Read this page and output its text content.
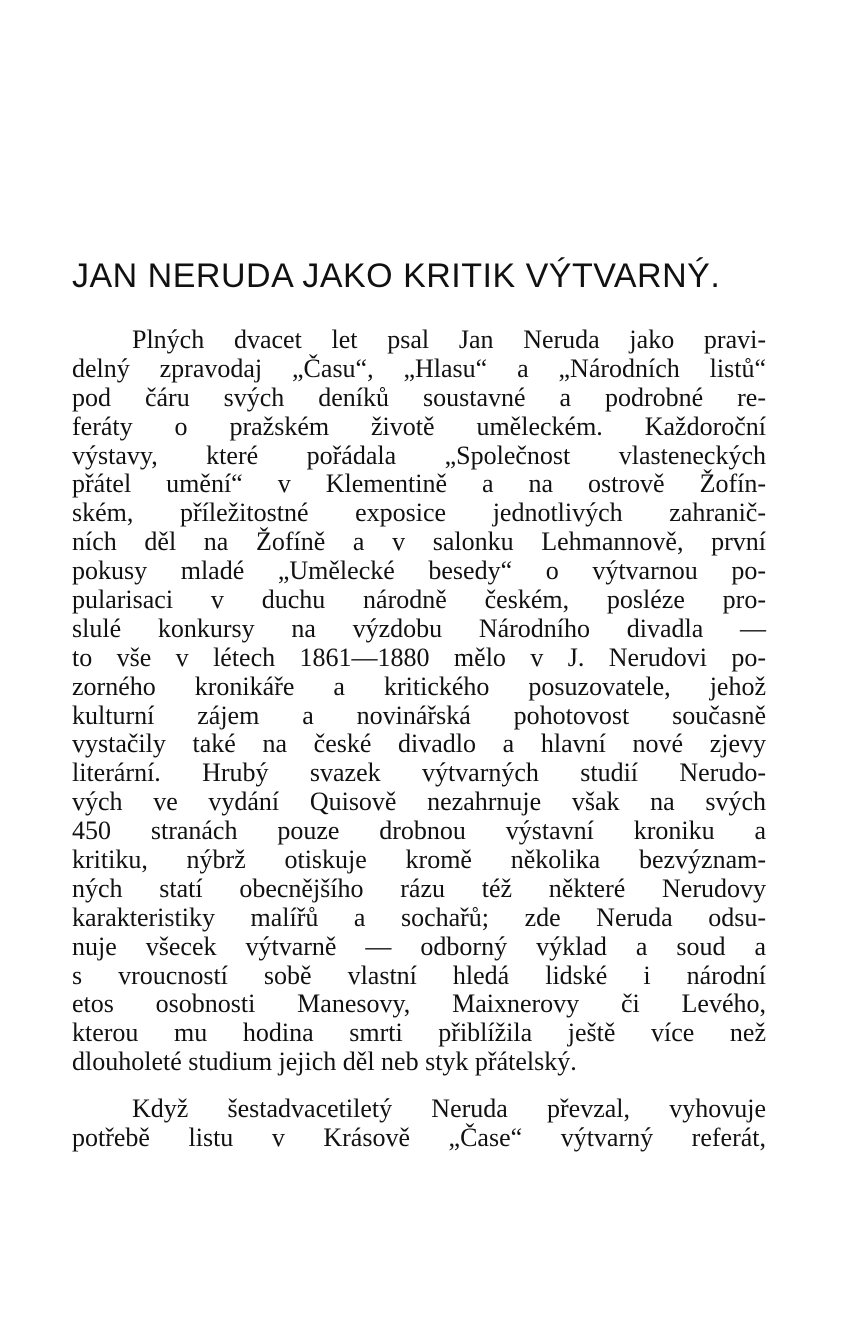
JAN NERUDA JAKO KRITIK VÝTVARNÝ.
Plných dvacet let psal Jan Neruda jako pravi-
delný zpravodaj „Času“, „Hlasu“ a „Národních listů“
pod čáru svých deníků soustavné a podrobné re-
feráty o pražském životě uměleckém. Každoroční
výstavy, které pořádala „Společnost vlasteneckých
přátel umění“ v Klementině a na ostrově Žofín-
ském, příležitostné exposice jednotlivých zahranič-
ních děl na Žofíně a v salonku Lehmannově, první
pokusy mladé „Umělecké besedy“ o výtvarnou po-
pularisaci v duchu národně českém, posléze pro-
slulé konkursy na výzdobu Národního divadla —
to vše v létech 1861—1880 mělo v J. Nerudovi po-
zorného kronikáře a kritického posuzovatele, jehož
kulturní zájem a novinářská pohotovost současně
vystačily také na české divadlo a hlavní nové zjevy
literární. Hrubý svazek výtvarných studií Nerudo-
vých ve vydání Quisově nezahrnuje však na svých
450 stranách pouze drobnou výstavní kroniku a
kritiku, nýbrž otiskuje kromě několika bezvýznam-
ných statí obecnějšího rázu též některé Nerudovy
karakteristiky malířů a sochařů; zde Neruda odsu-
nuje všecek výtvarně — odborný výklad a soud a
s vroucností sobě vlastní hledá lidské i národní
etos osobnosti Manesovy, Maixnerovy či Levého,
kterou mu hodina smrti přiblížila ještě více než
dlouholeté studium jejich děl neb styk přátelský.
Když šestadvacetiletý Neruda převzal, vyhovuje
potřebě listu v Krásově „Čase“ výtvarný referát,
